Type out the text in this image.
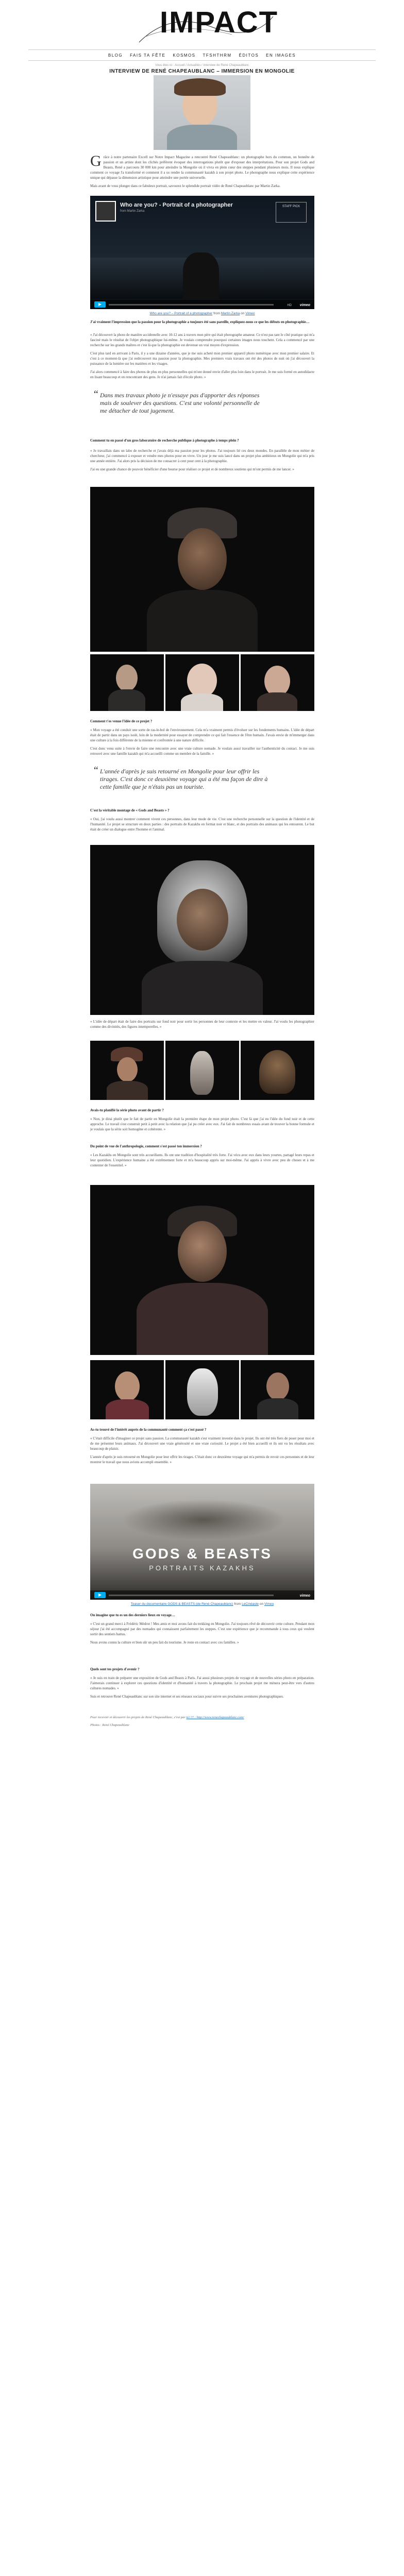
IMPACT
BLOG FAIS TA FÊTE KOSMOS TFSHTHRM ÉDITOS EN IMAGES
Vous êtes ici : Accueil / Actualités / Interview de René Chapeaublanc
INTERVIEW DE RENÉ CHAPEAUBLANC – IMMERSION EN MONGOLIE

Grâce à notre partenaire Excell sur Notre Impact Magazine a rencontré René Chapeaublanc: un photographe hors du commun, un honnête de passion et un artiste dont les clichés préfèrent évoquer des interrogations plutôt que d'exposer des interprétations. Pour son projet Gods and Beasts, René a parcouru 30 000 km pour atteindre la Mongolie où il vivra en plein cœur des steppes pendant plusieurs mois. Il nous explique comment ce voyage l'a transformé et comment il a su rendre la communauté kazakh à son projet photo. Le photographe nous explique cette expérience unique qui dépasse la dimension artistique pour atteindre une portée universelle.

Mais avant de vous plonger dans ce fabuleux portrait, savourez le splendide portrait vidéo de René Chapeaublanc par Martin Zarka.

Who are you? - Portrait of a photographer
from Martin Zarka
STAFF PICK
▶	HD vimeo
Who are you? – Portrait of a photographer from Martin Zarka on Vimeo
J'ai vraiment l'impression que la passion pour la photographie a toujours été sans pareille, expliquez-nous ce que les débuts en photographie…

« J'ai découvert la photo de manière accidentelle avec 10-12 ans à travers mon père qui était photographe amateur. Ce n'est pas tant le côté pratique qui m'a fasciné mais le résultat de l'objet photographique lui-même. Je voulais comprendre pourquoi certaines images nous touchent. Cela a commencé par une recherche sur les grands maîtres et c'est là que la photographie est devenue un vrai moyen d'expression.

C'est plus tard en arrivant à Paris, il y a une dizaine d'années, que je me suis acheté mon premier appareil photo numérique avec mon premier salaire. Et c'est à ce moment-là que j'ai redécouvert ma passion pour la photographie. Mes premiers vrais travaux ont été des photos de nuit où j'ai découvert la puissance de la lumière sur les matières et les visages.

J'ai alors commencé à faire des photos de plus en plus personnelles qui m'ont donné envie d'aller plus loin dans le portrait. Je me suis formé en autodidacte en lisant beaucoup et en rencontrant des gens. Je n'ai jamais fait d'école photo. »

“ Dans mes travaux photo je n'essaye pas d'apporter des réponses mais de soulever des questions. C'est une volonté personnelle de me détacher de tout jugement.
Comment tu en passé d'un gros laboratoire de recherche publique à photographe à temps plein ?

« Je travaillais dans un labo de recherche et j'avais déjà ma passion pour les photos. J'ai toujours lié ces deux mondes. En parallèle de mon métier de chercheur, j'ai commencé à exposer et vendre mes photos pour en vivre. Un jour je me suis lancé dans un projet plus ambitieux en Mongolie qui m'a pris une année entière. J'ai alors pris la décision de me consacrer à cent pour cent à la photographie.

J'ai eu une grande chance de pouvoir bénéficier d'une bourse pour réaliser ce projet et de nombreux soutiens qui m'ont permis de me lancer. »

Comment t'es venue l'idée de ce projet ?

« Mon voyage a été conduit une sorte de ras-le-bol de l'environnement. Cela m'a vraiment permis d'évoluer sur les fondements humains. L'idée de départ était de partir dans un pays isolé, loin de la modernité pour essayer de comprendre ce qui fait l'essence de l'être humain. J'avais envie de m'immerger dans une culture à la fois différente de la mienne et confrontée à une nature difficile.

C'est donc venu suite à l'envie de faire une rencontre avec une vraie culture nomade. Je voulais aussi travailler sur l'authenticité du contact. Je me suis retrouvé avec une famille kazakh qui m'a accueilli comme un membre de la famille. »

“ L'année d'après je suis retourné en Mongolie pour leur offrir les tirages. C'est donc ce deuxième voyage qui a été ma façon de dire à cette famille que je n'étais pas un touriste.
C'est la véritable montage de « Gods and Beasts » ?

« Oui, j'ai voulu aussi montrer comment vivent ces personnes, dans leur mode de vie. C'est une recherche personnelle sur la question de l'identité et de l'humanité. Le projet se structure en deux parties : des portraits de Kazakhs en format noir et blanc, et des portraits des animaux qui les entourent. Le but était de créer un dialogue entre l'homme et l'animal.

« L'idée de départ était de faire des portraits sur fond noir pour sortir les personnes de leur contexte et les mettre en valeur. J'ai voulu les photographier comme des divinités, des figures intemporelles. »

Avais-tu planifié la série photo avant de partir ?

« Non, je dirai plutôt que le fait de partir en Mongolie était la première étape de mon projet photo. C'est là que j'ai eu l'idée du fond noir et de cette approche. Le travail s'est construit petit à petit avec la relation que j'ai pu créer avec eux. J'ai fait de nombreux essais avant de trouver la bonne formule et je voulais que la série soit homogène et cohérente. »

Du point de vue de l'anthropologie, comment s'est passé ton immersion ?

« Les Kazakhs en Mongolie sont très accueillants. Ils ont une tradition d'hospitalité très forte. J'ai vécu avec eux dans leurs yourtes, partagé leurs repas et leur quotidien. L'expérience humaine a été extrêmement forte et m'a beaucoup appris sur moi-même. J'ai appris à vivre avec peu de choses et à me contenter de l'essentiel. »

As-tu trouvé de l'intérêt auprès de la communauté comment ça s'est passé ?

« C'était difficile d'imaginer ce projet sans passion. La communauté kazakh s'est vraiment investie dans le projet. Ils ont été très fiers de poser pour moi et de me présenter leurs animaux. J'ai découvert une vraie générosité et une vraie curiosité. Le projet a été bien accueilli et ils ont vu les résultats avec beaucoup de plaisir.

L'année d'après je suis retourné en Mongolie pour leur offrir les tirages. C'était donc ce deuxième voyage qui m'a permis de revoir ces personnes et de leur montrer le travail que nous avions accompli ensemble. »

GODS & BEASTS
PORTRAITS KAZAKHS
▶	vimeo
Teaser du documentaire GODS & BEASTS (de René Chapeaublanc) from LeCinéaste on Vimeo
On imagine que tu es un des derniers lieux en voyage…

« C'est un grand merci à Frédéric Médrot ! Mes amis et moi avons fait du trekking en Mongolie. J'ai toujours rêvé de découvrir cette culture. Pendant mon séjour j'ai été accompagné par des nomades qui connaissent parfaitement les steppes. C'est une expérience que je recommande à tous ceux qui veulent sortir des sentiers battus.

Nous avons connu la culture et bien sûr un peu fait du tourisme. Je reste en contact avec ces familles. »

Quels sont tes projets d'avenir ?

« Je suis en train de préparer une exposition de Gods and Beasts à Paris. J'ai aussi plusieurs projets de voyage et de nouvelles séries photo en préparation. J'aimerais continuer à explorer ces questions d'identité et d'humanité à travers la photographie. Le prochain projet me mènera peut-être vers d'autres cultures nomades. »

Suis et retrouve René Chapeaublanc sur son site internet et ses réseaux sociaux pour suivre ses prochaines aventures photographiques.

Pour recevoir et découvrir les projets de René Chapeaublanc, c'est par ici !!! : http://www.renechapeaublanc.com/
Photos : René Chapeaublanc
